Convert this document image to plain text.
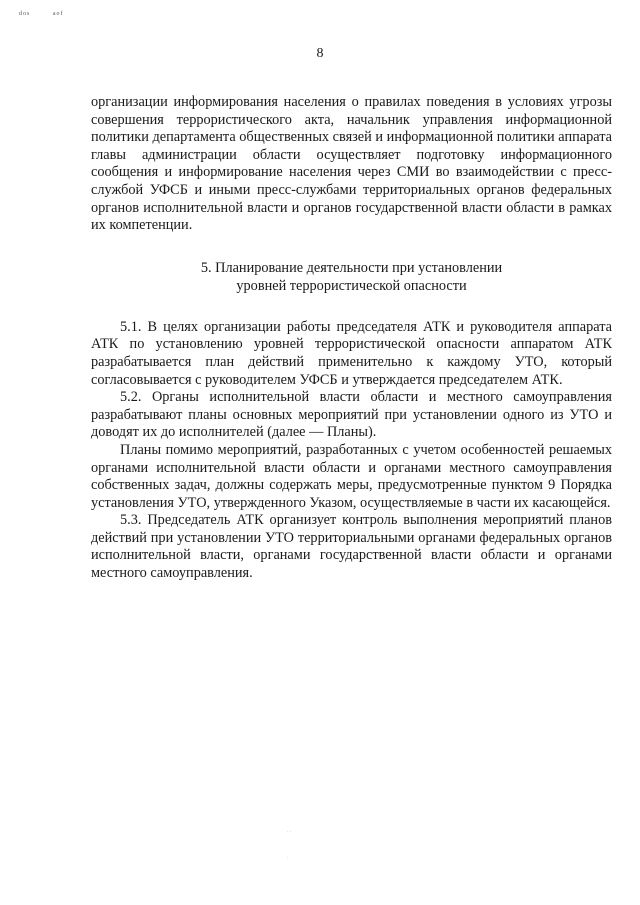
dos	aof
8

организации информирования населения о правилах поведения в условиях угрозы совершения террористического акта, начальник управления информационной политики департамента общественных связей и информационной политики аппарата главы администрации области осуществляет подготовку информационного сообщения и информирование населения через СМИ во взаимодействии с пресс-службой УФСБ и иными пресс-службами территориальных органов федеральных органов исполнительной власти и органов государственной власти области в рамках их компетенции.

5. Планирование деятельности при установлении
уровней террористической опасности

5.1. В целях организации работы председателя АТК и руководителя аппарата АТК по установлению уровней террористической опасности аппаратом АТК разрабатывается план действий применительно к каждому УТО, который согласовывается с руководителем УФСБ и утверждается председателем АТК.

5.2. Органы исполнительной власти области и местного самоуправления разрабатывают планы основных мероприятий при установлении одного из УТО и доводят их до исполнителей (далее — Планы).

Планы помимо мероприятий, разработанных с учетом особенностей решаемых органами исполнительной власти области и органами местного самоуправления собственных задач, должны содержать меры, предусмотренные пунктом 9 Порядка установления УТО, утвержденного Указом, осуществляемые в части их касающейся.

5.3. Председатель АТК организует контроль выполнения мероприятий планов действий при установлении УТО территориальными органами федеральных органов исполнительной власти, органами государственной власти области и органами местного самоуправления.

· ·
·
